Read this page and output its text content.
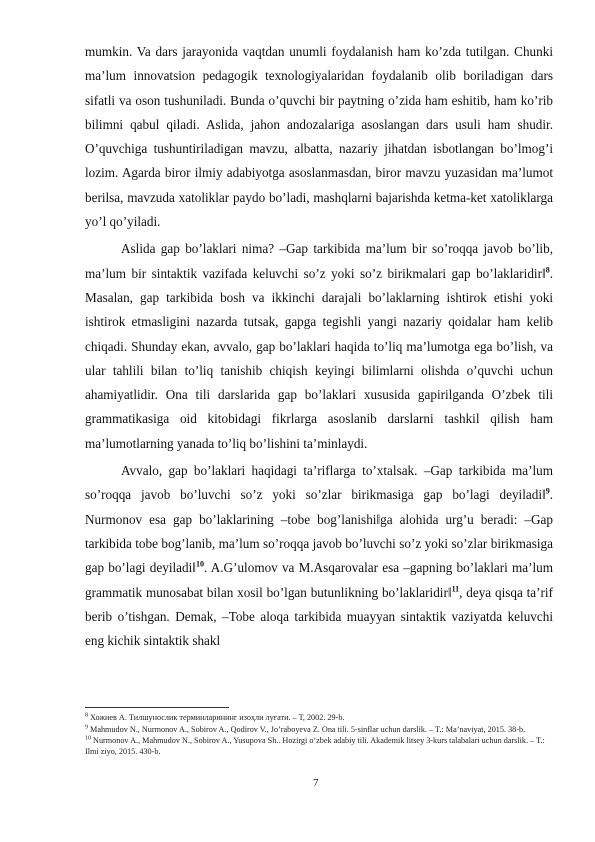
mumkin. Va dars jarayonida vaqtdan unumli foydalanish ham ko’zda tutilgan. Chunki ma’lum innovatsion pedagogik texnologiyalaridan foydalanib olib boriladigan dars sifatli va oson tushuniladi. Bunda o’quvchi bir paytning o’zida ham eshitib, ham ko’rib bilimni qabul qiladi. Aslida, jahon andozalariga asoslangan dars usuli ham shudir. O’quvchiga tushuntiriladigan mavzu, albatta, nazariy jihatdan isbotlangan bo’lmog’i lozim. Agarda biror ilmiy adabiyotga asoslanmasdan, biror mavzu yuzasidan ma’lumot berilsa, mavzuda xatoliklar paydo bo’ladi, mashqlarni bajarishda ketma-ket xatoliklarga yo’l qo’yiladi.

Aslida gap bo’laklari nima? ‒Gap tarkibida ma’lum bir so’roqqa javob bo’lib, ma’lum bir sintaktik vazifada keluvchi so’z yoki so’z birikmalari gap bo’laklaridir‖$^8$. Masalan, gap tarkibida bosh va ikkinchi darajali bo’laklarning ishtirok etishi yoki ishtirok etmasligini nazarda tutsak, gapga tegishli yangi nazariy qoidalar ham kelib chiqadi. Shunday ekan, avvalo, gap bo’laklari haqida to’liq ma’lumotga ega bo’lish, va ular tahlili bilan to’liq tanishib chiqish keyingi bilimlarni olishda o’quvchi uchun ahamiyatlidir. Ona tili darslarida gap bo’laklari xususida gapirilganda O’zbek tili grammatikasiga oid kitobidagi fikrlarga asoslanib darslarni tashkil qilish ham ma’lumotlarning yanada to’liq bo’lishini ta’minlaydi.

Avvalo, gap bo’laklari haqidagi ta’riflarga to’xtalsak. ‒Gap tarkibida ma’lum so’roqqa javob bo’luvchi so’z yoki so’zlar birikmasiga gap bo’lagi deyiladi‖$^9$. Nurmonov esa gap bo’laklarining ‒tobe bog’lanishi‖ga alohida urg’u beradi: ‒Gap tarkibida tobe bog’lanib, ma’lum so’roqqa javob bo’luvchi so’z yoki so’zlar birikmasiga gap bo’lagi deyiladi‖$^{10}$. A.G’ulomov va M.Asqarovalar esa ‒gapning bo’laklari ma’lum grammatik munosabat bilan xosil bo’lgan butunlikning bo’laklaridir‖$^{11}$, deya qisqa ta’rif berib o’tishgan. Demak, ‒Tobe aloqa tarkibida muayyan sintaktik vaziyatda keluvchi eng kichik sintaktik shakl

$^8$ Хожиев А. Тилшунослик терминларининг изоҳли луғати. – Т, 2002. 29-b.

$^9$ Mahmudov N., Nurmonov A., Sobirov A., Qodirov V., Jo’raboyeva Z. Ona tili. 5-sinflar uchun darslik. – T.: Ma’naviyat, 2015. 38-b.

$^{10}$ Nurmonov A., Mahmudov N., Sobirov A., Yusupova Sh.. Hozirgi o’zbek adabiy tili. Akademik litsey 3-kurs talabalari uchun darslik. – T.: Ilmi ziyo, 2015. 430-b.

7
